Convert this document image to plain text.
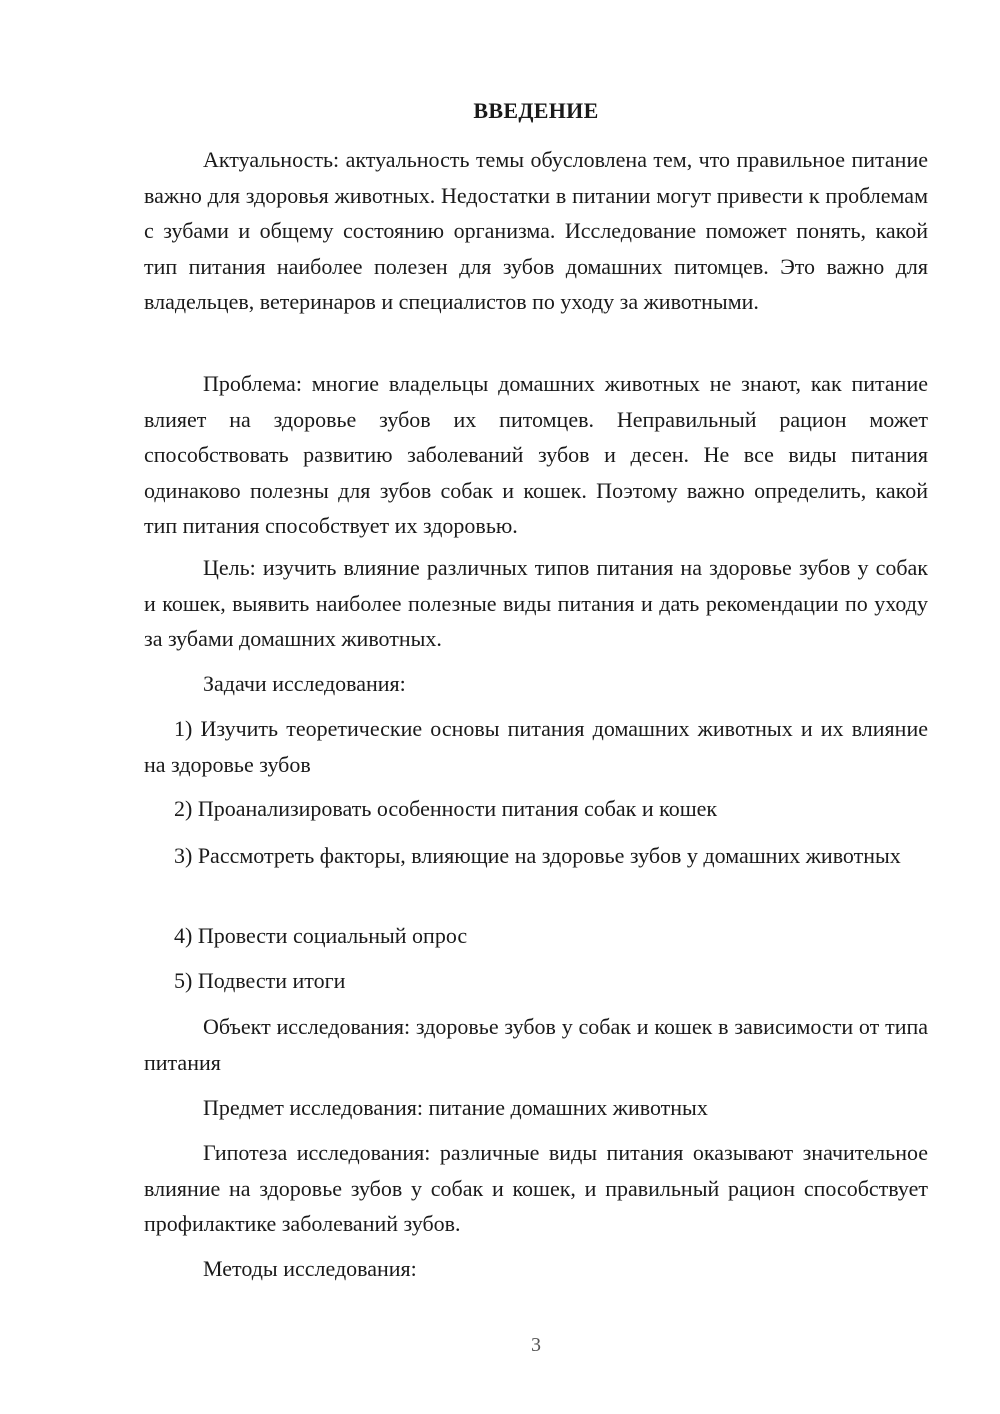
ВВЕДЕНИЕ

Актуальность: актуальность темы обусловлена тем, что правильное питание важно для здоровья животных. Недостатки в питании могут привести к проблемам с зубами и общему состоянию организма. Исследование поможет понять, какой тип питания наиболее полезен для зубов домашних питомцев. Это важно для владельцев, ветеринаров и специалистов по уходу за животными.

Проблема: многие владельцы домашних животных не знают, как питание влияет на здоровье зубов их питомцев. Неправильный рацион может способствовать развитию заболеваний зубов и десен. Не все виды питания одинаково полезны для зубов собак и кошек. Поэтому важно определить, какой тип питания способствует их здоровью.

Цель: изучить влияние различных типов питания на здоровье зубов у собак и кошек, выявить наиболее полезные виды питания и дать рекомендации по уходу за зубами домашних животных.

Задачи исследования:

1) Изучить теоретические основы питания домашних животных и их влияние на здоровье зубов

2) Проанализировать особенности питания собак и кошек

3) Рассмотреть факторы, влияющие на здоровье зубов у домашних животных

4) Провести социальный опрос

5) Подвести итоги

Объект исследования: здоровье зубов у собак и кошек в зависимости от типа питания

Предмет исследования: питание домашних животных

Гипотеза исследования: различные виды питания оказывают значительное влияние на здоровье зубов у собак и кошек, и правильный рацион способствует профилактике заболеваний зубов.

Методы исследования:

3
